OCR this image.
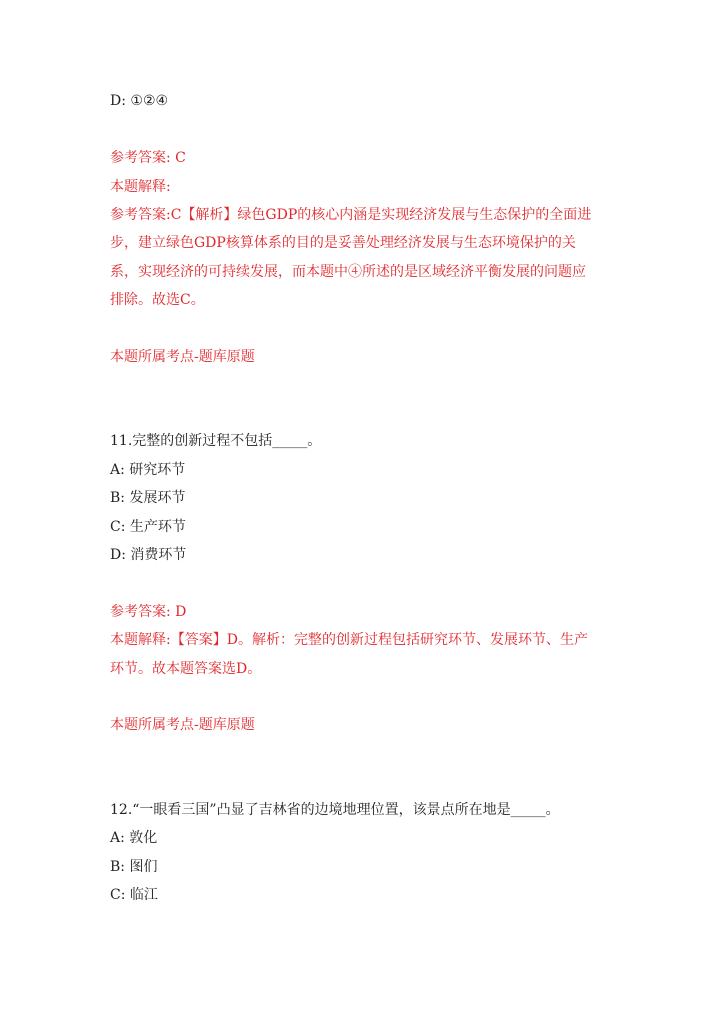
D: ①②④
参考答案: C
本题解释:
参考答案:C【解析】绿色GDP的核心内涵是实现经济发展与生态保护的全面进
步，建立绿色GDP核算体系的目的是妥善处理经济发展与生态环境保护的关
系，实现经济的可持续发展，而本题中④所述的是区域经济平衡发展的问题应
排除。故选C。
本题所属考点-题库原题
11.完整的创新过程不包括_____。
A: 研究环节
B: 发展环节
C: 生产环节
D: 消费环节
参考答案: D
本题解释:【答案】D。解析：完整的创新过程包括研究环节、发展环节、生产
环节。故本题答案选D。
本题所属考点-题库原题
12.“一眼看三国”凸显了吉林省的边境地理位置，该景点所在地是_____。
A: 敦化
B: 图们
C: 临江
